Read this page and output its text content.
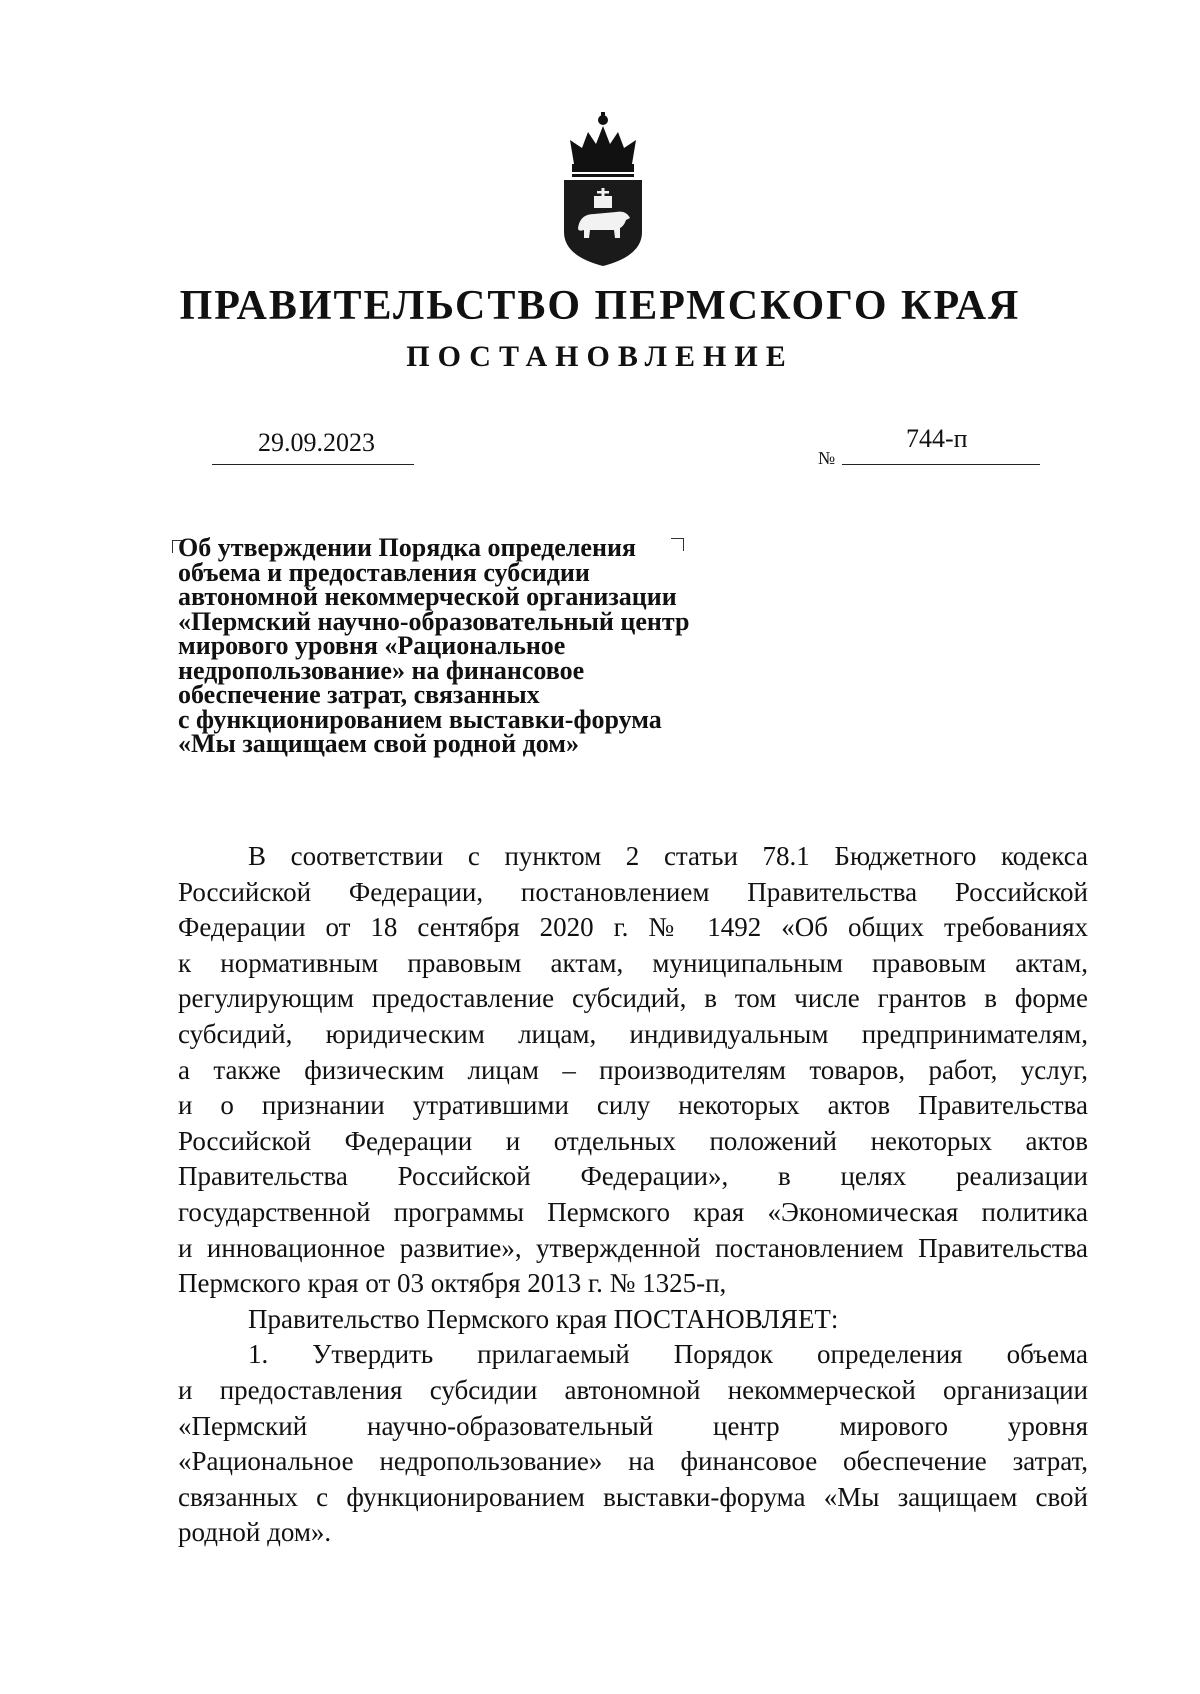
ПРАВИТЕЛЬСТВО ПЕРМСКОГО КРАЯ
ПОСТАНОВЛЕНИЕ
29.09.2023
№
744-п
Об утверждении Порядка определения
объема и предоставления субсидии
автономной некоммерческой организации
«Пермский научно-образовательный центр
мирового уровня «Рациональное
недропользование» на финансовое
обеспечение затрат, связанных
с функционированием выставки-форума
«Мы защищаем свой родной дом»
В соответствии с пунктом 2 статьи 78.1 Бюджетного кодекса
Российской Федерации, постановлением Правительства Российской
Федерации от 18 сентября 2020 г. № 1492 «Об общих требованиях
к нормативным правовым актам, муниципальным правовым актам,
регулирующим предоставление субсидий, в том числе грантов в форме
субсидий, юридическим лицам, индивидуальным предпринимателям,
а также физическим лицам – производителям товаров, работ, услуг,
и о признании утратившими силу некоторых актов Правительства
Российской Федерации и отдельных положений некоторых актов
Правительства Российской Федерации», в целях реализации
государственной программы Пермского края «Экономическая политика
и инновационное развитие», утвержденной постановлением Правительства
Пермского края от 03 октября 2013 г. № 1325-п,
Правительство Пермского края ПОСТАНОВЛЯЕТ:
1. Утвердить прилагаемый Порядок определения объема
и предоставления субсидии автономной некоммерческой организации
«Пермский научно-образовательный центр мирового уровня
«Рациональное недропользование» на финансовое обеспечение затрат,
связанных с функционированием выставки-форума «Мы защищаем свой
родной дом».
